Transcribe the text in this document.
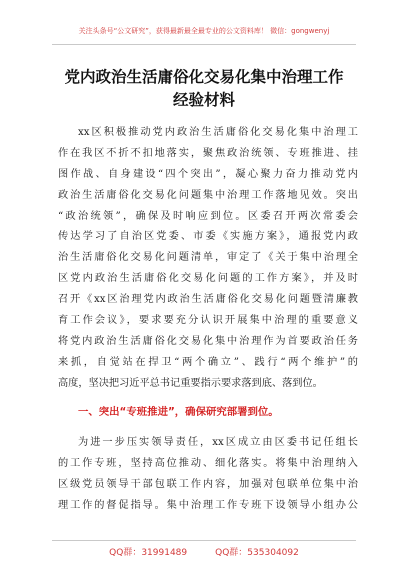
关注头条号“公文研究”，获得最新最全最专业的公文资料库！ 微信：gongwenyj
党内政治生活庸俗化交易化集中治理工作
经验材料
xx区积极推动党内政治生活庸俗化交易化集中治理工
作在我区不折不扣地落实，聚焦政治统领、专班推进、挂
图作战、自身建设“四个突出”，凝心聚力奋力推动党内
政治生活庸俗化交易化问题集中治理工作落地见效。突出
“政治统领”，确保及时响应到位。区委召开两次常委会
传达学习了自治区党委、市委《实施方案》，通报党内政
治生活庸俗化交易化问题清单，审定了《关于集中治理全
区党内政治生活庸俗化交易化问题的工作方案》，并及时
召开《xx区治理党内政治生活庸俗化交易化问题暨清廉教
育工作会议》，要求要充分认识开展集中治理的重要意义
将党内政治生活庸俗化交易化集中治理作为首要政治任务
来抓，自觉站在捍卫“两个确立”、践行“两个维护”的
高度，坚决把习近平总书记重要指示要求落到底、落到位。
一、突出“专班推进”，确保研究部署到位。
为进一步压实领导责任，xx区成立由区委书记任组长
的工作专班，坚持高位推动、细化落实。将集中治理纳入
区级党员领导干部包联工作内容，加强对包联单位集中治
理工作的督促指导。集中治理工作专班下设领导小组办公
QQ群：31991489	QQ群：535304092
